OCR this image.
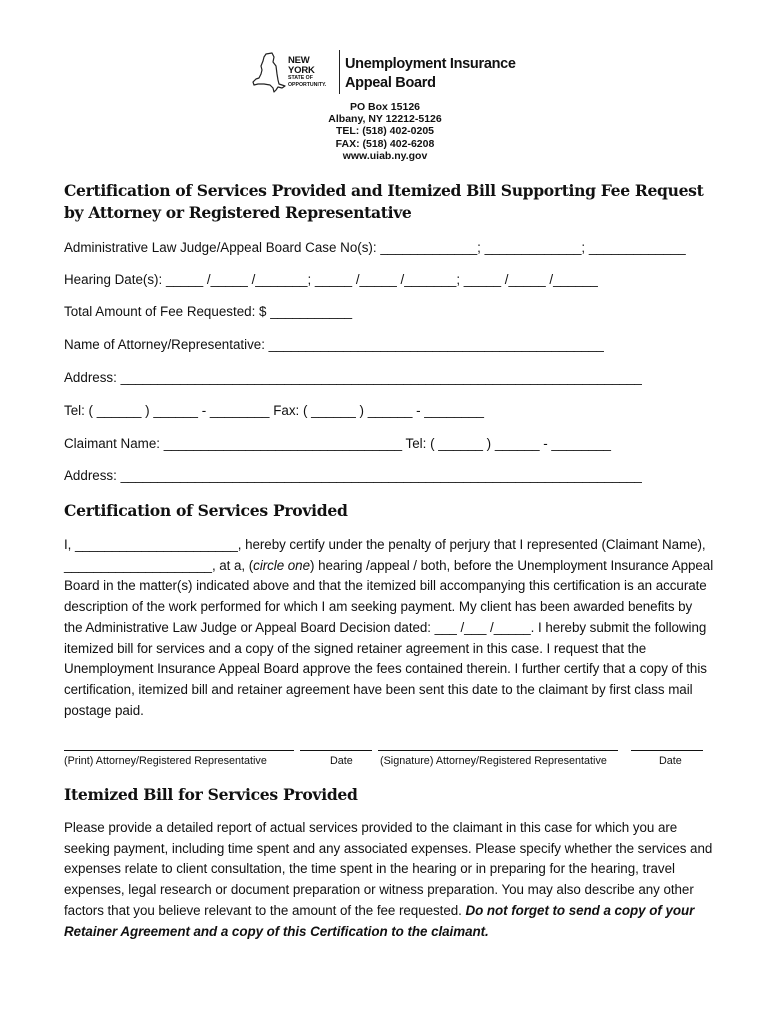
NEW YORK
STATE OF
OPPORTUNITY.
Unemployment Insurance
Appeal Board
PO Box 15126
Albany, NY 12212-5126
TEL: (518) 402-0205
FAX: (518) 402-6208
www.uiab.ny.gov
Certification of Services Provided and Itemized Bill Supporting Fee Request by Attorney or Registered Representative
Administrative Law Judge/Appeal Board Case No(s): _____________; _____________; _____________
Hearing Date(s): _____ /_____ /_______; _____ /_____ /_______; _____ /_____ /______
Total Amount of Fee Requested: $ ___________
Name of Attorney/Representative: _____________________________________________
Address: ______________________________________________________________________
Tel: ( ______ ) ______ - ________ Fax: ( ______ ) ______ - ________
Claimant Name: ________________________________ Tel: ( ______ ) ______ - ________
Address: ______________________________________________________________________
Certification of Services Provided
I, ______________________, hereby certify under the penalty of perjury that I represented (Claimant Name), ____________________, at a, (circle one) hearing /appeal / both, before the Unemployment Insurance Appeal Board in the matter(s) indicated above and that the itemized bill accompanying this certification is an accurate description of the work performed for which I am seeking payment. My client has been awarded benefits by the Administrative Law Judge or Appeal Board Decision dated: ___ /___ /_____. I hereby submit the following itemized bill for services and a copy of the signed retainer agreement in this case. I request that the Unemployment Insurance Appeal Board approve the fees contained therein. I further certify that a copy of this certification, itemized bill and retainer agreement have been sent this date to the claimant by first class mail postage paid.
(Print) Attorney/Registered Representative	Date	(Signature) Attorney/Registered Representative	Date
Itemized Bill for Services Provided
Please provide a detailed report of actual services provided to the claimant in this case for which you are seeking payment, including time spent and any associated expenses. Please specify whether the services and expenses relate to client consultation, the time spent in the hearing or in preparing for the hearing, travel expenses, legal research or document preparation or witness preparation. You may also describe any other factors that you believe relevant to the amount of the fee requested. Do not forget to send a copy of your Retainer Agreement and a copy of this Certification to the claimant.
